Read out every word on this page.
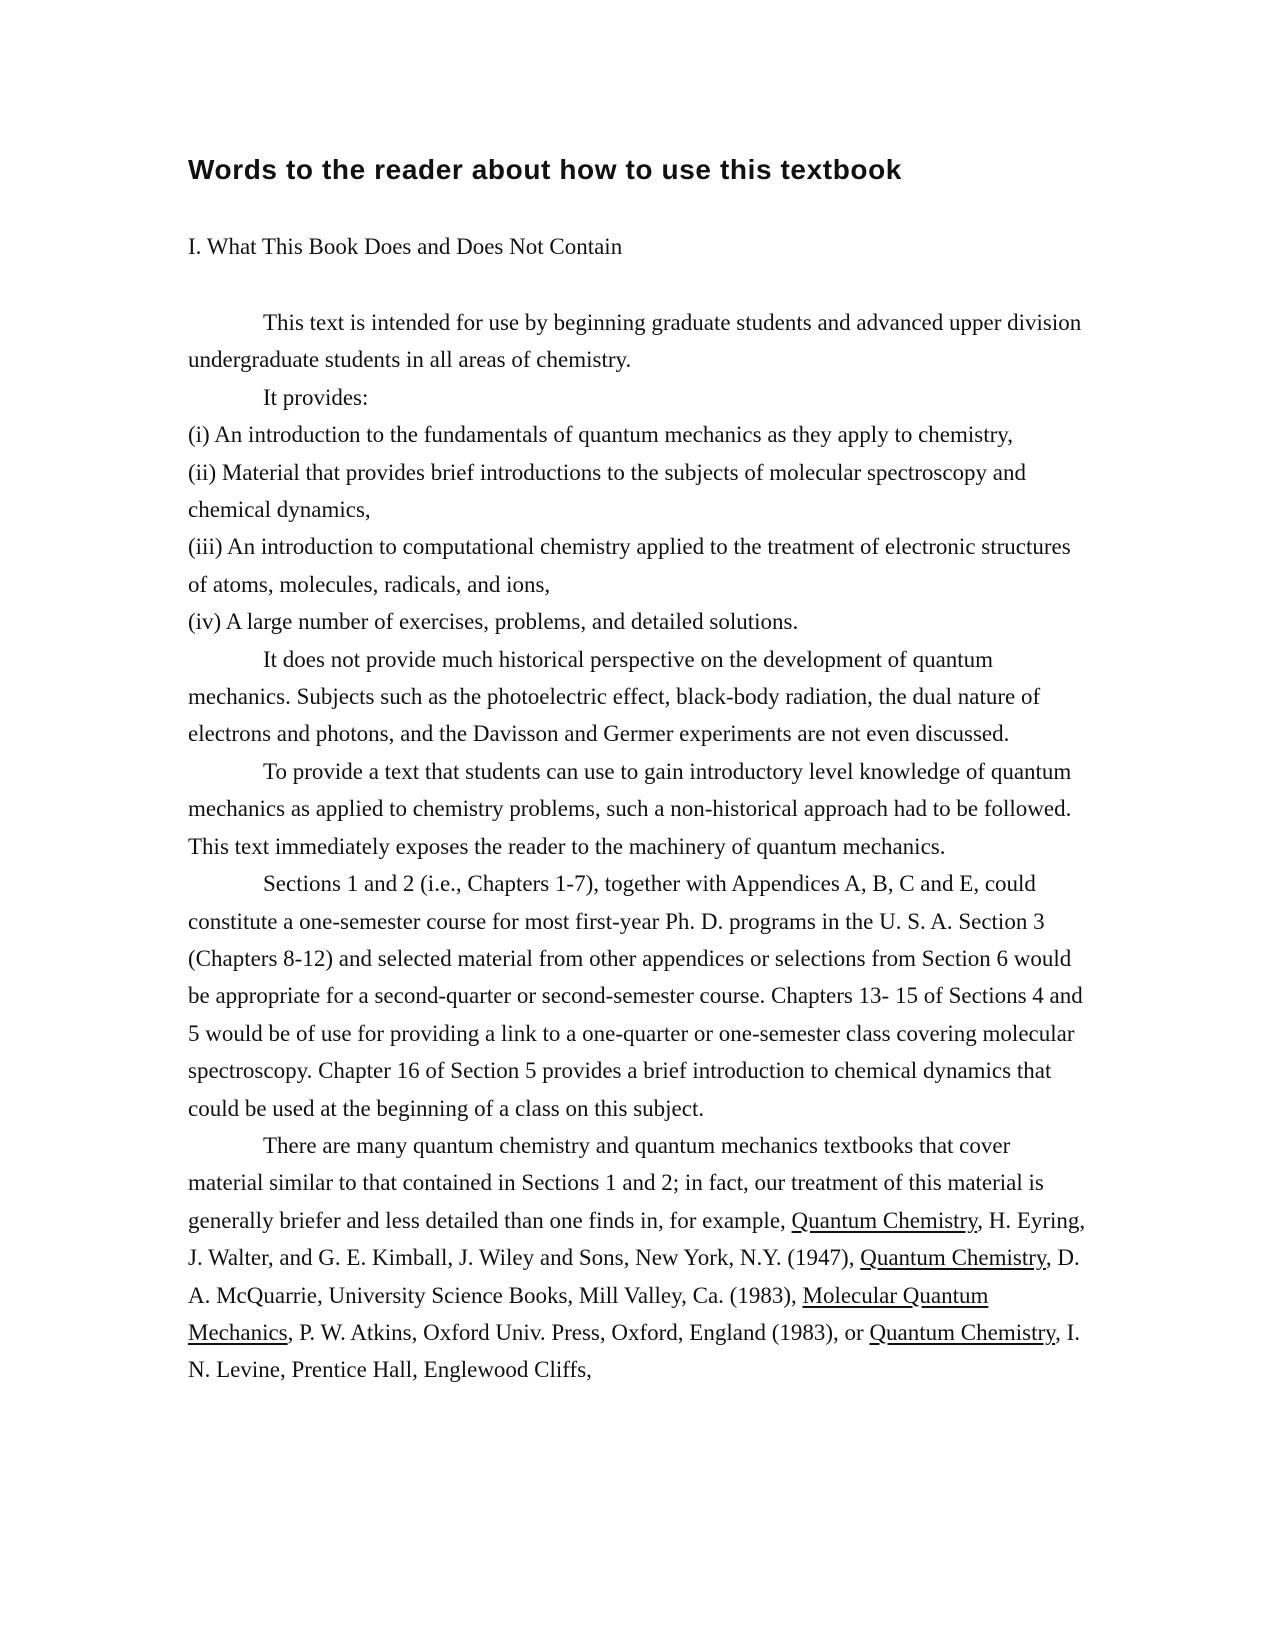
Words to the reader about how to use this textbook
I. What This Book Does and Does Not Contain

This text is intended for use by beginning graduate students and advanced upper division undergraduate students in all areas of chemistry.

It provides:

(i) An introduction to the fundamentals of quantum mechanics as they apply to chemistry,

(ii) Material that provides brief introductions to the subjects of molecular spectroscopy and chemical dynamics,

(iii) An introduction to computational chemistry applied to the treatment of electronic structures of atoms, molecules, radicals, and ions,

(iv) A large number of exercises, problems, and detailed solutions.

It does not provide much historical perspective on the development of quantum mechanics. Subjects such as the photoelectric effect, black-body radiation, the dual nature of electrons and photons, and the Davisson and Germer experiments are not even discussed.

To provide a text that students can use to gain introductory level knowledge of quantum mechanics as applied to chemistry problems, such a non-historical approach had to be followed. This text immediately exposes the reader to the machinery of quantum mechanics.

Sections 1 and 2 (i.e., Chapters 1-7), together with Appendices A, B, C and E, could constitute a one-semester course for most first-year Ph. D. programs in the U. S. A. Section 3 (Chapters 8-12) and selected material from other appendices or selections from Section 6 would be appropriate for a second-quarter or second-semester course. Chapters 13- 15 of Sections 4 and 5 would be of use for providing a link to a one-quarter or one-semester class covering molecular spectroscopy. Chapter 16 of Section 5 provides a brief introduction to chemical dynamics that could be used at the beginning of a class on this subject.

There are many quantum chemistry and quantum mechanics textbooks that cover material similar to that contained in Sections 1 and 2; in fact, our treatment of this material is generally briefer and less detailed than one finds in, for example, Quantum Chemistry, H. Eyring, J. Walter, and G. E. Kimball, J. Wiley and Sons, New York, N.Y. (1947), Quantum Chemistry, D. A. McQuarrie, University Science Books, Mill Valley, Ca. (1983), Molecular Quantum Mechanics, P. W. Atkins, Oxford Univ. Press, Oxford, England (1983), or Quantum Chemistry, I. N. Levine, Prentice Hall, Englewood Cliffs,
